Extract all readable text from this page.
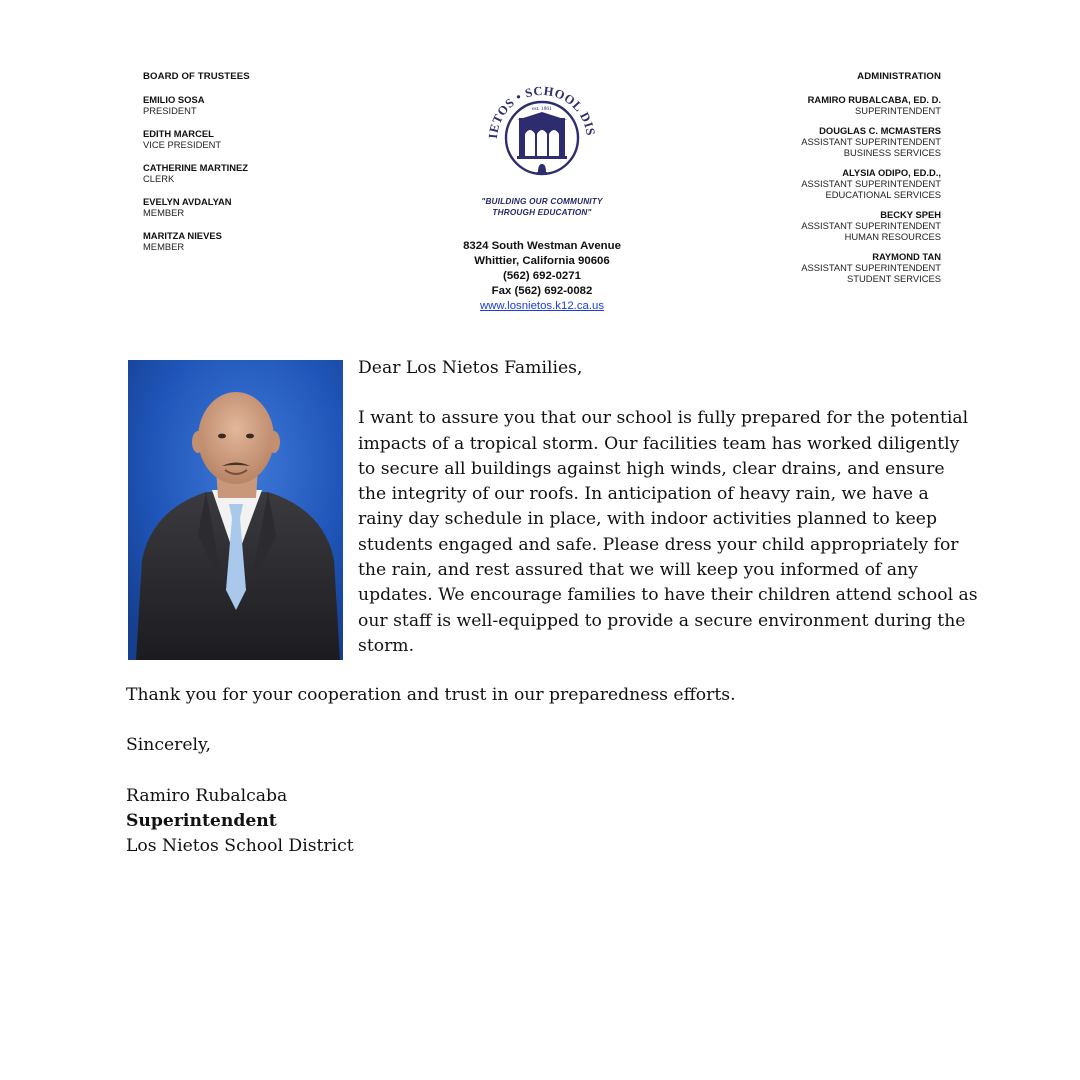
BOARD OF TRUSTEES
EMILIO SOSA
PRESIDENT
EDITH MARCEL
VICE PRESIDENT
CATHERINE MARTINEZ
CLERK
EVELYN AVDALYAN
MEMBER
MARITZA NIEVES
MEMBER
IETOS • SCHOOL DIS
est. 1861
"BUILDING OUR COMMUNITY
THROUGH EDUCATION"
8324 South Westman Avenue
Whittier, California 90606
(562) 692-0271
Fax (562) 692-0082
www.losnietos.k12.ca.us
ADMINISTRATION
RAMIRO RUBALCABA, ED. D.
SUPERINTENDENT
DOUGLAS C. MCMASTERS
ASSISTANT SUPERINTENDENT
BUSINESS SERVICES
ALYSIA ODIPO, ED.D.,
ASSISTANT SUPERINTENDENT
EDUCATIONAL SERVICES
BECKY SPEH
ASSISTANT SUPERINTENDENT
HUMAN RESOURCES
RAYMOND TAN
ASSISTANT SUPERINTENDENT
STUDENT SERVICES

Dear Los Nietos Families,

I want to assure you that our school is fully prepared for the potential impacts of a tropical storm. Our facilities team has worked diligently to secure all buildings against high winds, clear drains, and ensure the integrity of our roofs. In anticipation of heavy rain, we have a rainy day schedule in place, with indoor activities planned to keep students engaged and safe. Please dress your child appropriately for the rain, and rest assured that we will keep you informed of any updates. We encourage families to have their children attend school as our staff is well-equipped to provide a secure environment during the storm.

Thank you for your cooperation and trust in our preparedness efforts.

Sincerely,

Ramiro Rubalcaba

Superintendent

Los Nietos School District
